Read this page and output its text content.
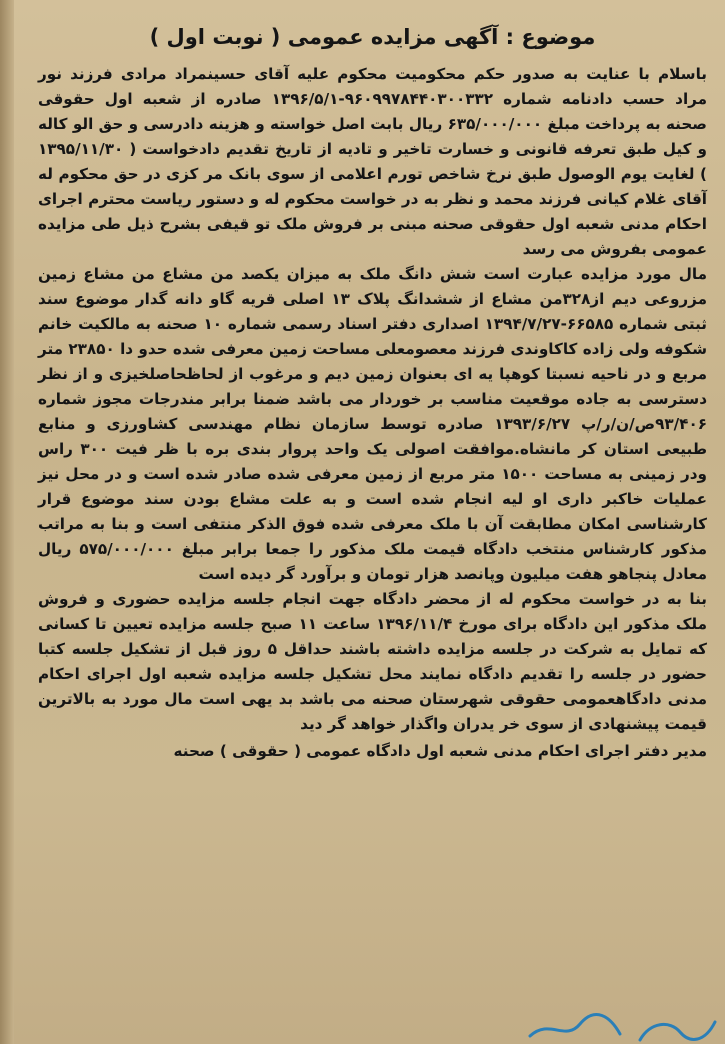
موضوع : آگهی مزایده عمومی ( نوبت اول )

باسلام با عنایت به صدور حکم محکومیت محکوم علیه آقای حسینمراد مرادی فرزند نور مراد حسب دادنامه شماره ۹۶۰۹۹۷۸۴۴۰۳۰۰۳۳۲-۱۳۹۶/۵/۱ صادره از شعبه اول حقوقی صحنه به پرداخت مبلغ ۶۳۵/۰۰۰/۰۰۰ ریال بابت اصل خواسته و هزینه دادرسی و حق الو کاله و کیل طبق تعرفه قانونی و خسارت تاخیر و تادیه از تاریخ تقدیم دادخواست ( ۱۳۹۵/۱۱/۳۰ ) لغایت یوم الوصول طبق نرخ شاخص تورم اعلامی از سوی بانک مر کزی در حق محکوم له آقای غلام کیانی فرزند محمد و نظر به در خواست محکوم له و دستور ریاست محترم اجرای احکام مدنی شعبه اول حقوقی صحنه مبنی بر فروش ملک تو قیفی بشرح ذیل طی مزایده عمومی بفروش می رسد

مال مورد مزایده عبارت است شش دانگ ملک به میزان یکصد من مشاع من مشاع زمین مزروعی دیم از۳۲۸من مشاع از ششدانگ پلاک ۱۳ اصلی قریه گاو دانه گدار موضوع سند ثبتی شماره ۶۶۵۸۵-۱۳۹۴/۷/۲۷ اصداری دفتر اسناد رسمی شماره ۱۰ صحنه به مالکیت خانم شکوفه ولی زاده کاکاوندی فرزند معصومعلی مساحت زمین معرفی شده حدو دا ۲۳۸۵۰ متر مربع و در ناحیه نسبتا کوهپا یه ای بعنوان زمین دیم و مرغوب از لحاظحاصلخیزی و از نظر دسترسی به جاده موقعیت مناسب بر خوردار می باشد ضمنا برابر مندرجات مجوز شماره ۹۳/۴۰۶ص/ن/ر/پ ۱۳۹۳/۶/۲۷ صادره توسط سازمان نظام مهندسی کشاورزی و منابع طبیعی استان کر مانشاه.موافقت اصولی یک واحد پروار بندی بره با ظر فیت ۳۰۰ راس ودر زمینی به مساحت ۱۵۰۰ متر مربع از زمین معرفی شده صادر شده است و در محل نیز عملیات خاکبر داری او لیه انجام شده است و به علت مشاع بودن سند موضوع قرار کارشناسی امکان مطابقت آن با ملک معرفی شده فوق الذکر منتفی است و بنا به مراتب مذکور کارشناس منتخب دادگاه قیمت ملک مذکور را جمعا برابر مبلغ ۵۷۵/۰۰۰/۰۰۰ ریال معادل پنجاهو هفت میلیون وپانصد هزار تومان و برآورد گر دیده است

بنا به در خواست محکوم له از محضر دادگاه جهت انجام جلسه مزایده حضوری و فروش ملک مذکور این دادگاه برای مورخ ۱۳۹۶/۱۱/۴ ساعت ۱۱ صبح جلسه مزایده تعیین تا کسانی که تمایل به شرکت در جلسه مزایده داشته باشند حداقل ۵ روز قبل از تشکیل جلسه کتبا حضور در جلسه را تقدیم دادگاه نمایند محل تشکیل جلسه مزایده شعبه اول اجرای احکام مدنی دادگاهعمومی حقوقی شهرستان صحنه می باشد بد یهی است مال مورد به بالاترین قیمت پیشنهادی از سوی خر یدران واگذار خواهد گر دید

مدیر دفتر اجرای احکام مدنی شعبه اول دادگاه عمومی ( حقوقی ) صحنه
